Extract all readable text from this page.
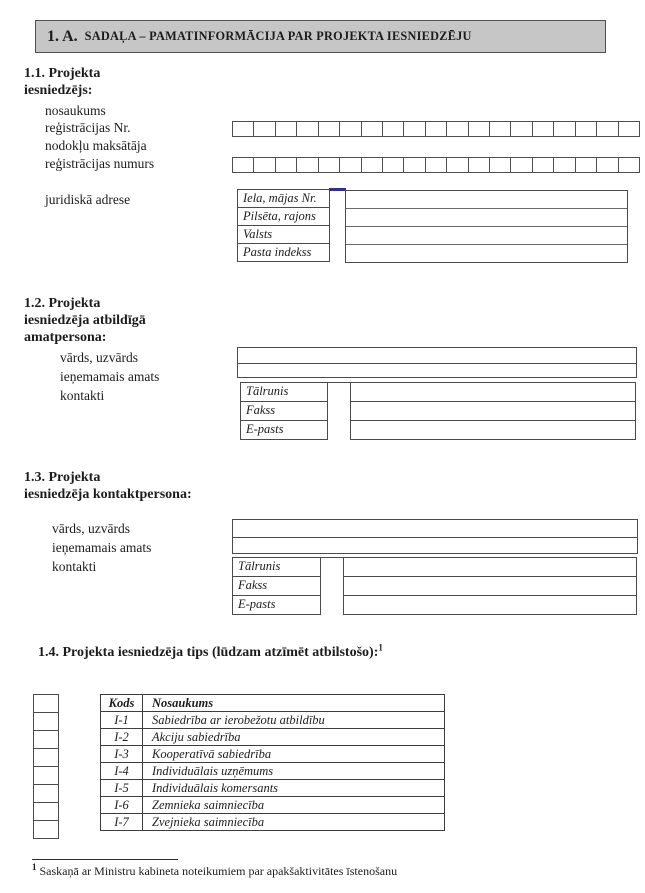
1. A. SADAĻA – PAMATINFORMĀCIJA PAR PROJEKTA IESNIEDZĒJU
1.1. Projekta
iesniedzējs:
nosaukums
reģistrācijas Nr.
nodokļu maksātāja
reģistrācijas numurs
juridiskā adrese	Iela, mājas Nr.
Pilsēta, rajons
Valsts
Pasta indekss
1.2. Projekta
iesniedzēja atbildīgā
amatpersona:
vārds, uzvārds
ieņemamais amats
kontakti	Tālrunis
Fakss
E-pasts
1.3. Projekta
iesniedzēja kontaktpersona:
vārds, uzvārds
ieņemamais amats
kontakti	Tālrunis
Fakss
E-pasts
1.4. Projekta iesniedzēja tips (lūdzam atzīmēt atbilstošo):$^1$
Kods	Nosaukums
I-1	Sabiedrība ar ierobežotu atbildību
I-2	Akciju sabiedrība
I-3	Kooperatīvā sabiedrība
I-4	Individuālais uzņēmums
I-5	Individuālais komersants
I-6	Zemnieka saimniecība
I-7	Zvejnieka saimniecība
$^1$ Saskaņā ar Ministru kabineta noteikumiem par apakšaktivitātes īstenošanu
